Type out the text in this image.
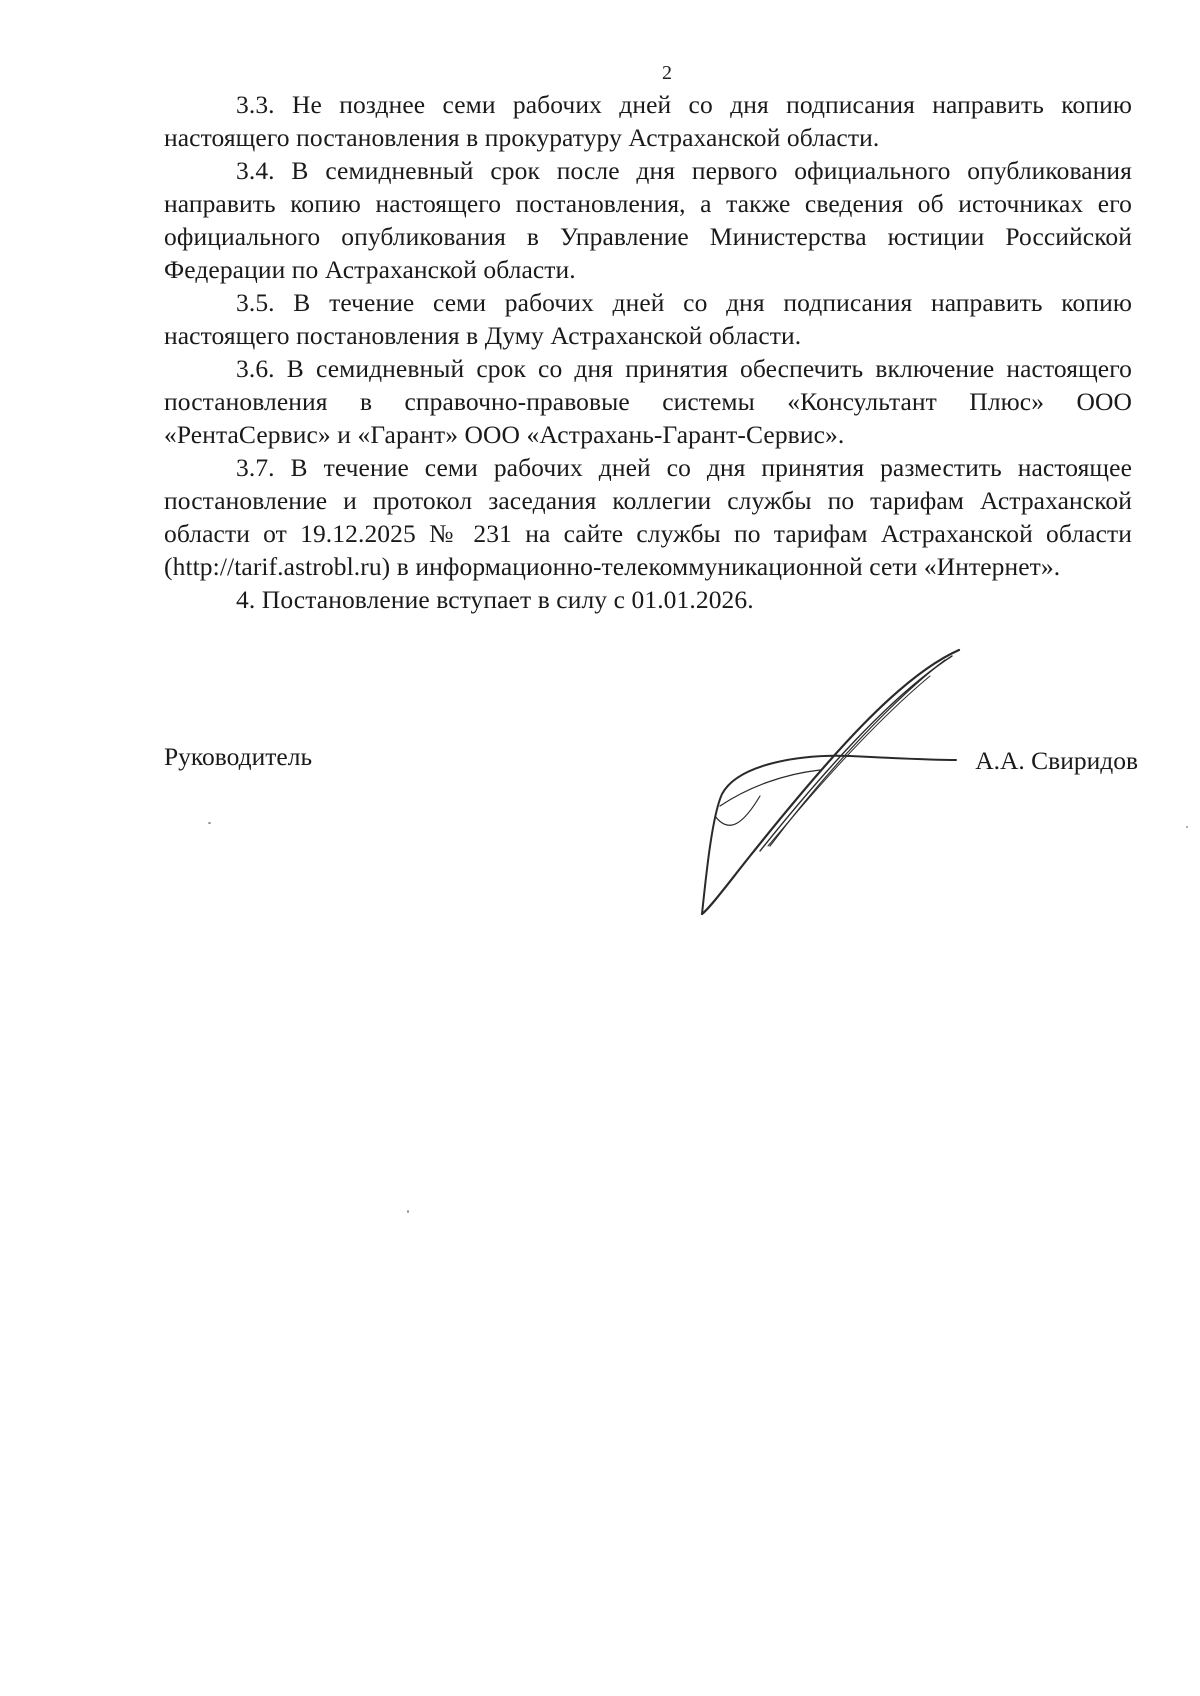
2

3.3. Не позднее семи рабочих дней со дня подписания направить копию настоящего постановления в прокуратуру Астраханской области.

3.4. В семидневный срок после дня первого официального опубликования направить копию настоящего постановления, а также сведения об источниках его официального опубликования в Управление Министерства юстиции Российской Федерации по Астраханской области.

3.5. В течение семи рабочих дней со дня подписания направить копию настоящего постановления в Думу Астраханской области.

3.6. В семидневный срок со дня принятия обеспечить включение настоящего постановления в справочно-правовые системы «Консультант Плюс» ООО «РентаСервис» и «Гарант» ООО «Астрахань-Гарант-Сервис».

3.7. В течение семи рабочих дней со дня принятия разместить настоящее постановление и протокол заседания коллегии службы по тарифам Астраханской области от 19.12.2025 № 231 на сайте службы по тарифам Астраханской области (http://tarif.astrobl.ru) в информационно-телекоммуникационной сети «Интернет».

4. Постановление вступает в силу с 01.01.2026.

Руководитель	А.А. Свиридов
